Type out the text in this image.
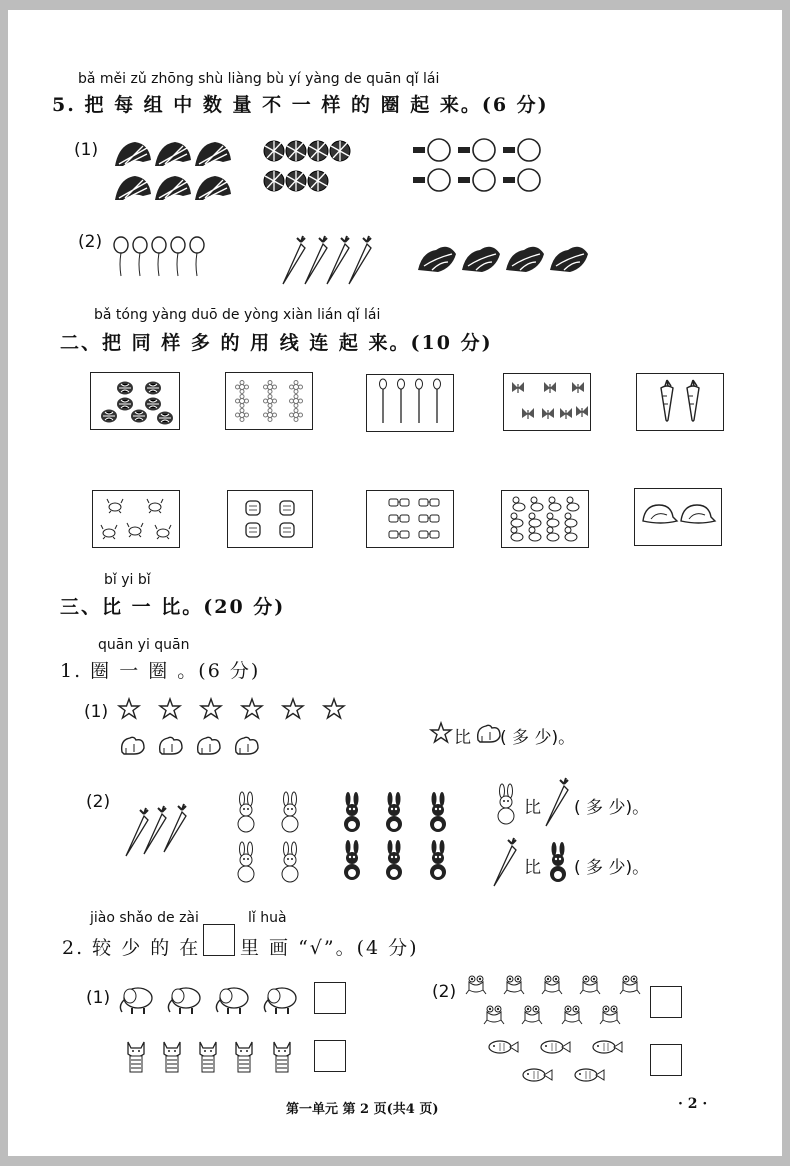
bǎ měi zǔ zhōng shù liàng bù yí yàng de quān qǐ lái
5. 把 每 组 中 数 量 不 一 样 的 圈 起 来。(6 分)
(1)
(2)
bǎ tóng yàng duō de yòng xiàn lián qǐ lái
二、把 同 样 多 的 用 线 连 起 来。(10 分)
bǐ yi bǐ
三、比 一 比。(20 分)
quān yi quān
1. 圈 一 圈 。(6 分)
(1)
比 ( 多 少)。
(2)	比 ( 多 少)。
比 ( 多 少)。
jiào shǎo de zài	lǐ huà
2. 较 少 的 在 里 画 “√”。(4 分)
(1)	(2)
第一单元 第 2 页(共4 页)	· 2 ·
